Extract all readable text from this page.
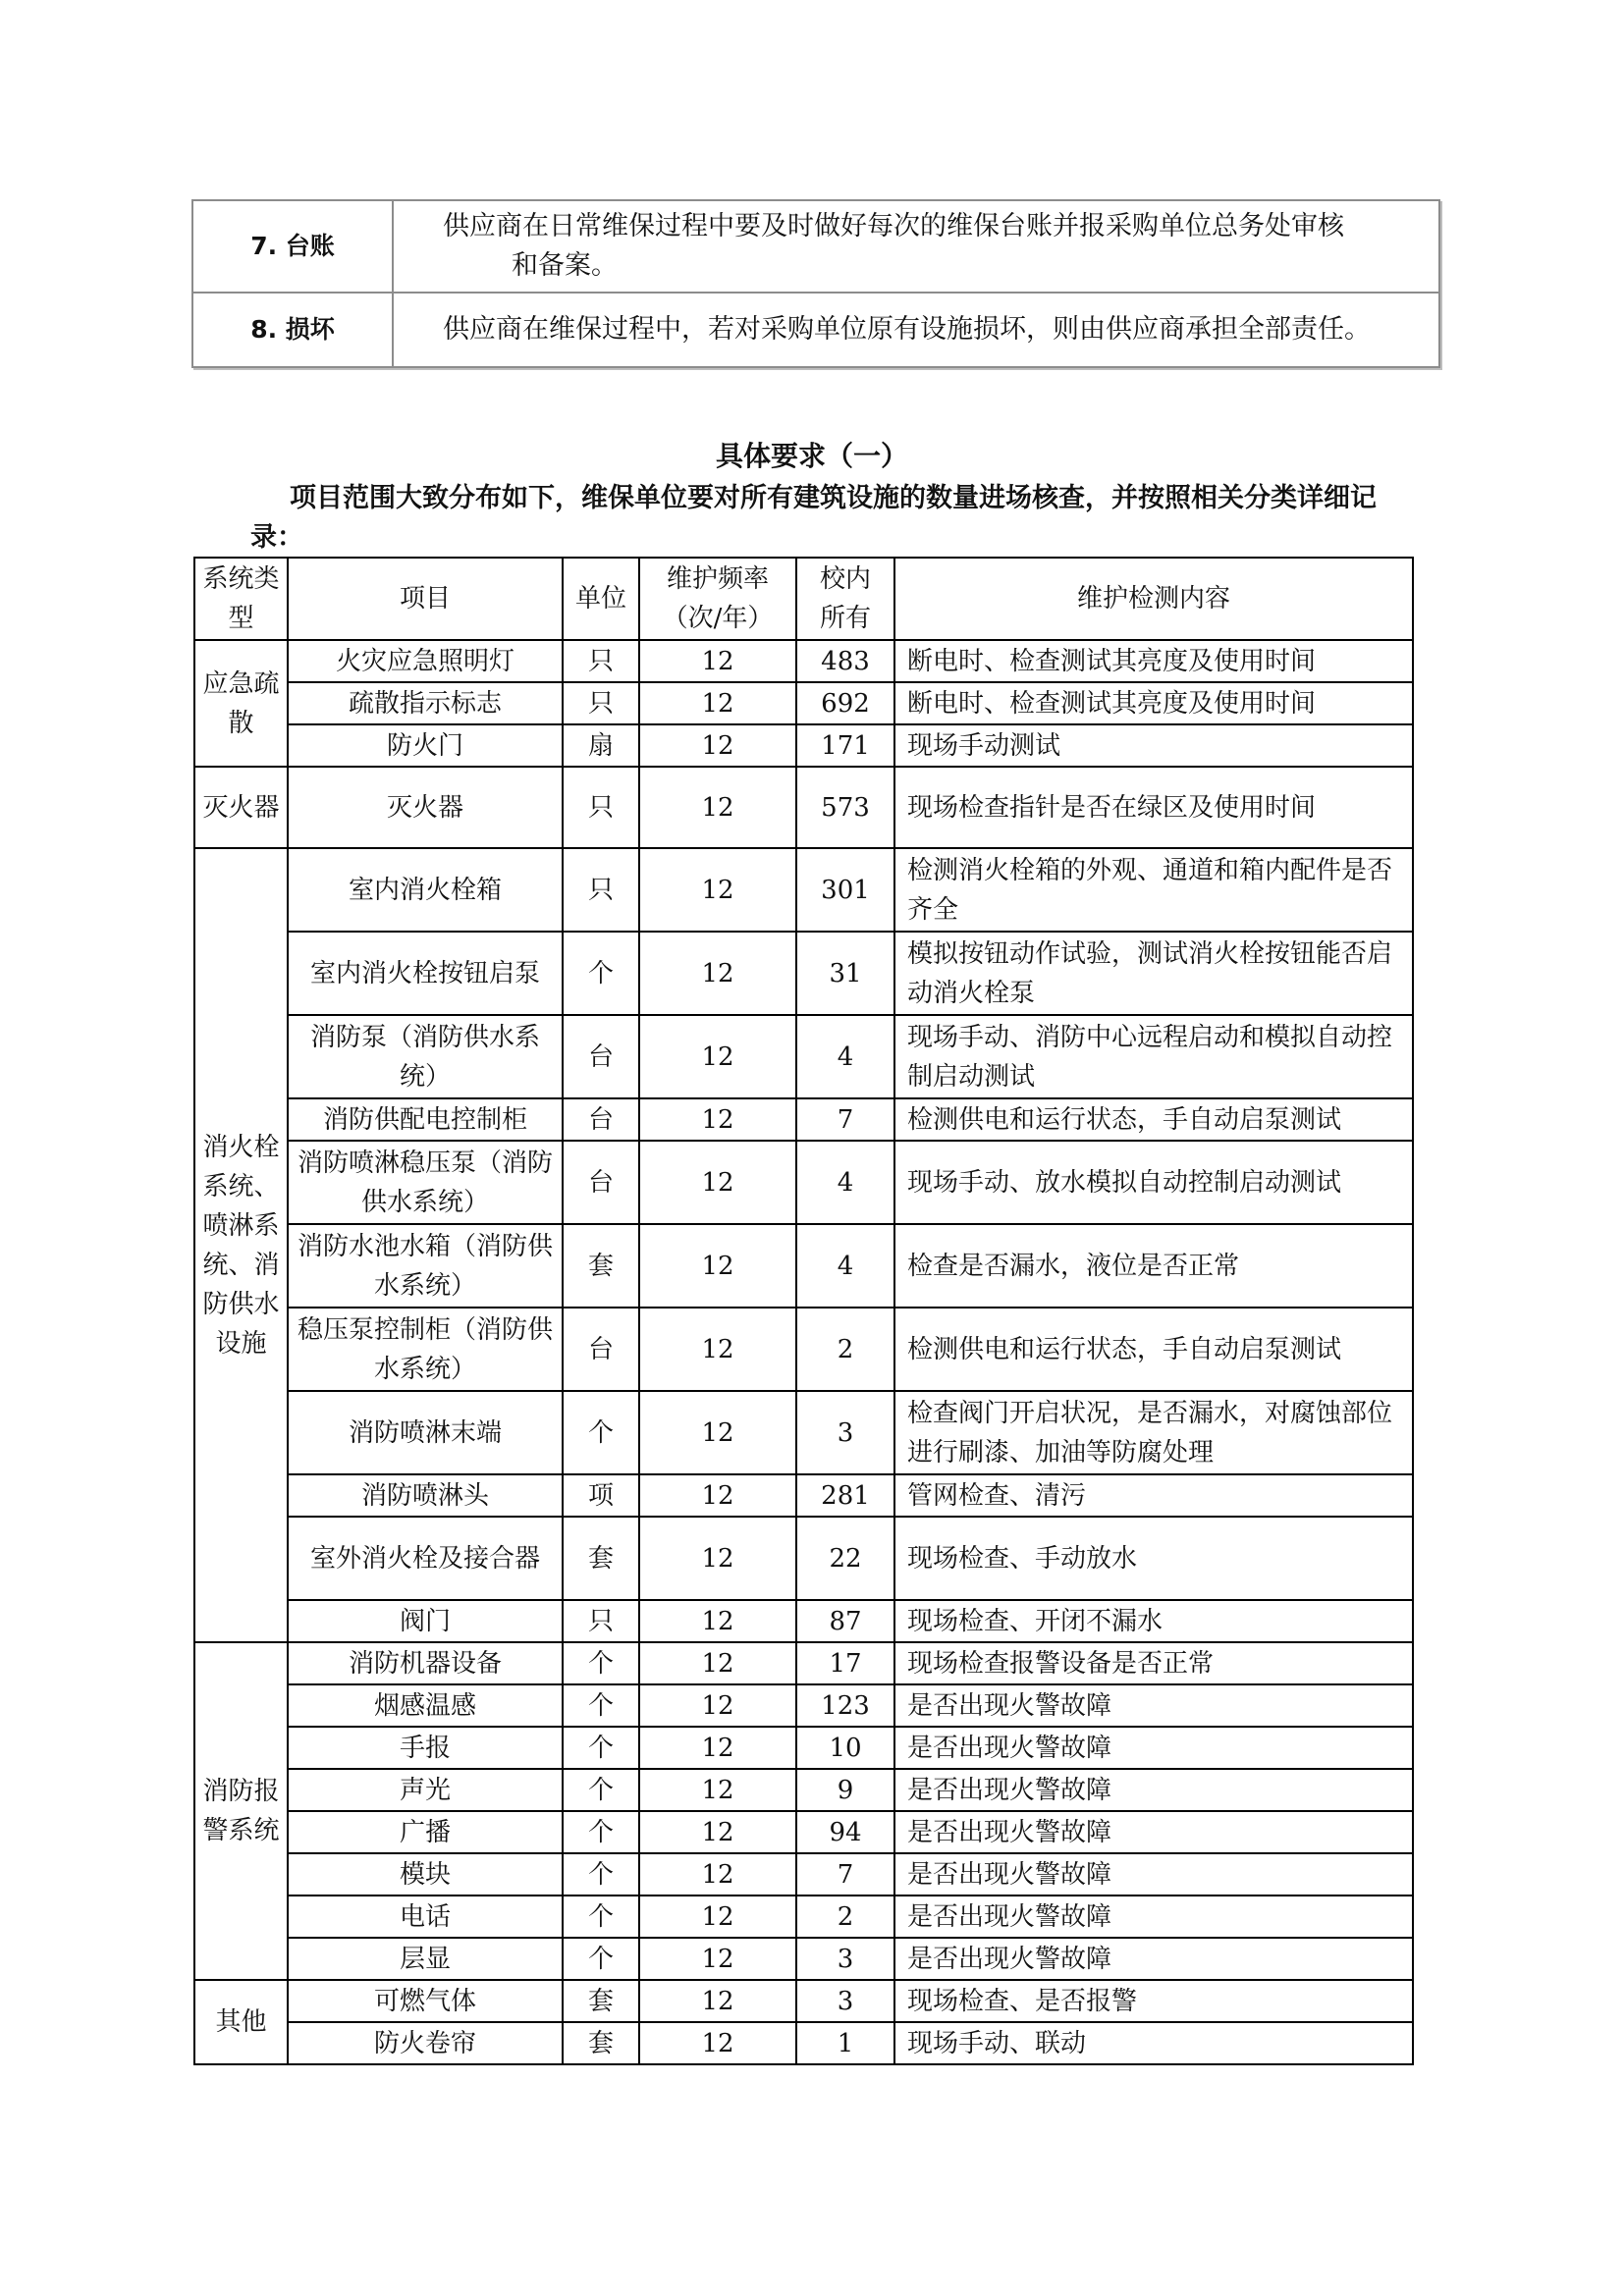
7. 台账	供应商在日常维保过程中要及时做好每次的维保台账并报采购单位总务处审核
和备案。

8. 损坏	供应商在维保过程中，若对采购单位原有设施损坏，则由供应商承担全部责任。
具体要求（一）
项目范围大致分布如下，维保单位要对所有建筑设施的数量进场核查，并按照相关分类详细记录：
系统类型	项目	单位	维护频率（次/年）	校内所有	维护检测内容
应急疏散	火灾应急照明灯	只	12	483	断电时、检查测试其亮度及使用时间
	疏散指示标志	只	12	692	断电时、检查测试其亮度及使用时间
	防火门	扇	12	171	现场手动测试
灭火器	灭火器	只	12	573	现场检查指针是否在绿区及使用时间
消火栓系统、喷淋系统、消防供水设施	室内消火栓箱	只	12	301	检测消火栓箱的外观、通道和箱内配件是否齐全
	室内消火栓按钮启泵	个	12	31	模拟按钮动作试验，测试消火栓按钮能否启动消火栓泵
	消防泵（消防供水系统）	台	12	4	现场手动、消防中心远程启动和模拟自动控制启动测试
	消防供配电控制柜	台	12	7	检测供电和运行状态，手自动启泵测试
	消防喷淋稳压泵（消防供水系统）	台	12	4	现场手动、放水模拟自动控制启动测试
	消防水池水箱（消防供水系统）	套	12	4	检查是否漏水，液位是否正常
	稳压泵控制柜（消防供水系统）	台	12	2	检测供电和运行状态，手自动启泵测试
	消防喷淋末端	个	12	3	检查阀门开启状况，是否漏水，对腐蚀部位进行刷漆、加油等防腐处理
	消防喷淋头	项	12	281	管网检查、清污
	室外消火栓及接合器	套	12	22	现场检查、手动放水
	阀门	只	12	87	现场检查、开闭不漏水
消防报警系统	消防机器设备	个	12	17	现场检查报警设备是否正常
	烟感温感	个	12	123	是否出现火警故障
	手报	个	12	10	是否出现火警故障
	声光	个	12	9	是否出现火警故障
	广播	个	12	94	是否出现火警故障
	模块	个	12	7	是否出现火警故障
	电话	个	12	2	是否出现火警故障
	层显	个	12	3	是否出现火警故障
其他	可燃气体	套	12	3	现场检查、是否报警
	防火卷帘	套	12	1	现场手动、联动
